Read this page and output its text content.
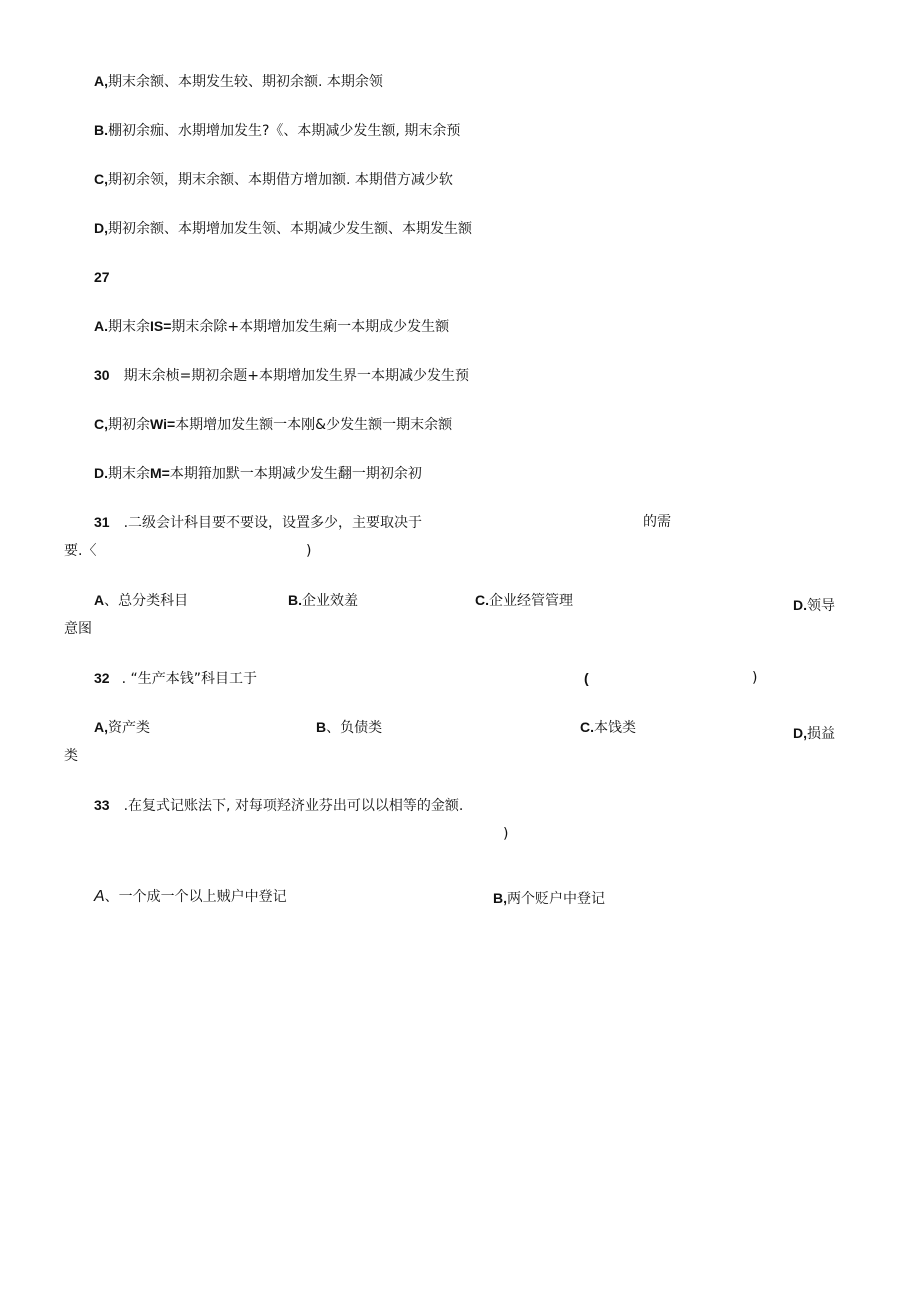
A,期末余额、本期发生较、期初余额. 本期余领
B.棚初余痂、水期增加发生?《、本期减少发生额, 期末余预
C,期初余领，期末余额、本期借方增加额. 本期借方减少软
D,期初余额、本期增加发生领、本期减少发生额、本期发生额
27
A.期末余IS=期末余除+本期增加发生痢一本期成少发生额
30 期末余桢=期初余题+本期增加发生界一本期减少发生预
C,期初余Wi=本期增加发生额一本刚&少发生额一期末余额
D.期末余M=本期箝加默一本期减少发生翻一期初余初
31 .二级会计科目要不要设，设置多少，主要取决于	的需
要.〈	)
A、总分类科目	B.企业效羞	C.企业经管管理	D.领导
意图
32 . “生产本钱”科目工于	(	)
A,资产类	B、负债类	C.本饯类	D,损益
类
33 .在复式记账法下, 对每项羟济业芬出可以以相等的金额.
)
A、一个成一个以上贼户中登记	B,两个贬户中登记
